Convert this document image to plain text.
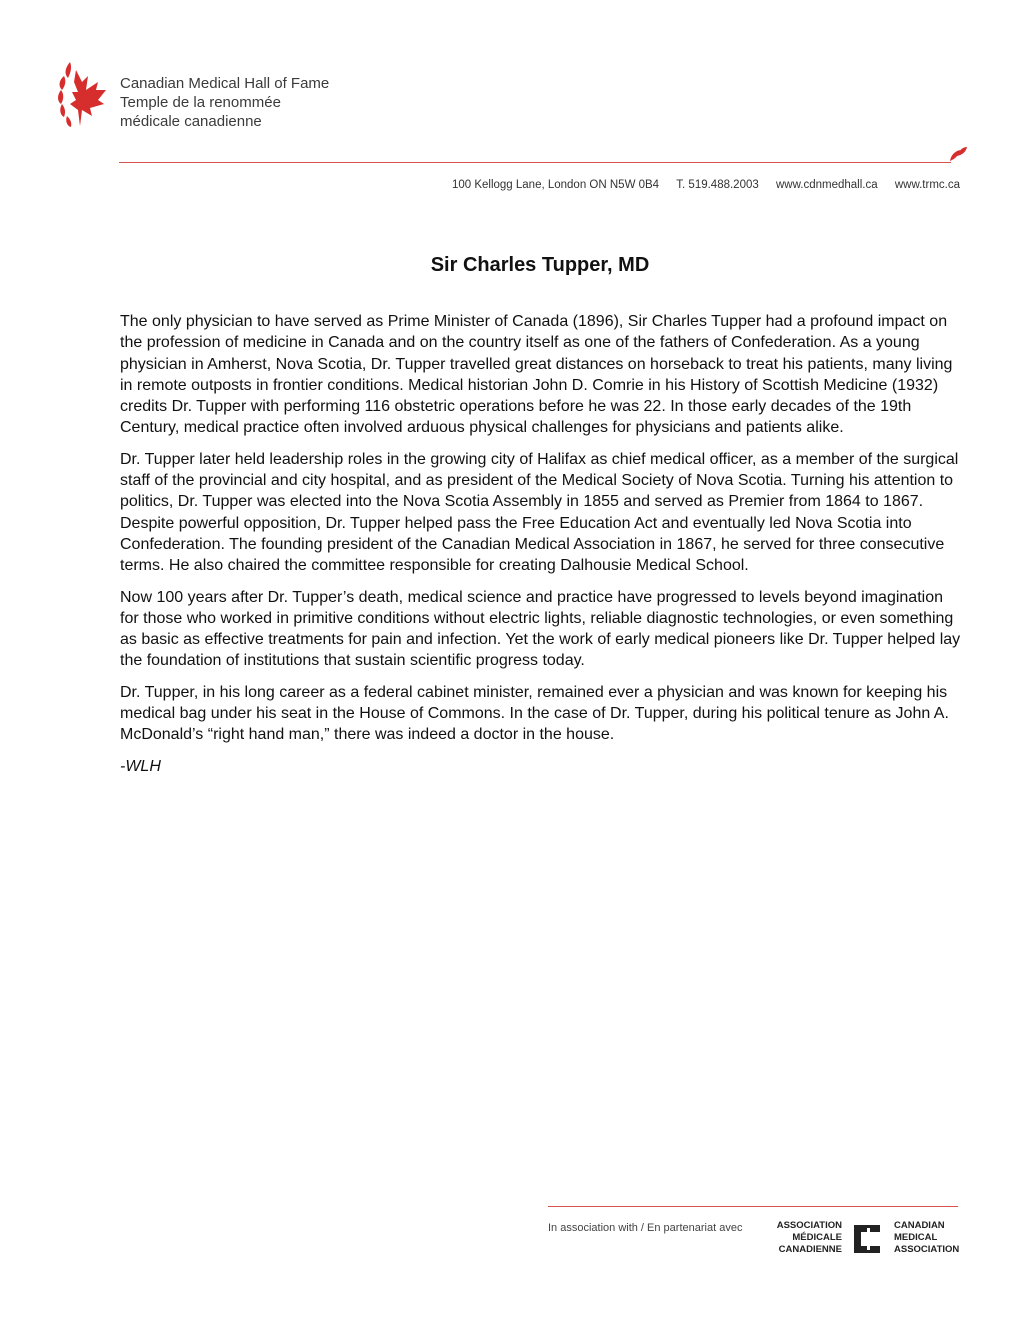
Canadian Medical Hall of Fame
Temple de la renommée
médicale canadienne
100 Kellogg Lane, London ON N5W 0B4 T. 519.488.2003 www.cdnmedhall.ca www.trmc.ca
Sir Charles Tupper, MD

The only physician to have served as Prime Minister of Canada (1896), Sir Charles Tupper had a profound impact on the profession of medicine in Canada and on the country itself as one of the fathers of Confederation. As a young physician in Amherst, Nova Scotia, Dr. Tupper travelled great distances on horseback to treat his patients, many living in remote outposts in frontier conditions. Medical historian John D. Comrie in his History of Scottish Medicine (1932) credits Dr. Tupper with performing 116 obstetric operations before he was 22. In those early decades of the 19th Century, medical practice often involved arduous physical challenges for physicians and patients alike.

Dr. Tupper later held leadership roles in the growing city of Halifax as chief medical officer, as a member of the surgical staff of the provincial and city hospital, and as president of the Medical Society of Nova Scotia. Turning his attention to politics, Dr. Tupper was elected into the Nova Scotia Assembly in 1855 and served as Premier from 1864 to 1867. Despite powerful opposition, Dr. Tupper helped pass the Free Education Act and eventually led Nova Scotia into Confederation. The founding president of the Canadian Medical Association in 1867, he served for three consecutive terms. He also chaired the committee responsible for creating Dalhousie Medical School.

Now 100 years after Dr. Tupper’s death, medical science and practice have progressed to levels beyond imagination for those who worked in primitive conditions without electric lights, reliable diagnostic technologies, or even something as basic as effective treatments for pain and infection. Yet the work of early medical pioneers like Dr. Tupper helped lay the foundation of institutions that sustain scientific progress today.

Dr. Tupper, in his long career as a federal cabinet minister, remained ever a physician and was known for keeping his medical bag under his seat in the House of Commons. In the case of Dr. Tupper, during his political tenure as John A. McDonald’s “right hand man,” there was indeed a doctor in the house.

-WLH

In association with / En partenariat avec	ASSOCIATION
MÉDICALE
CANADIENNE
CANADIAN
MEDICAL
ASSOCIATION
